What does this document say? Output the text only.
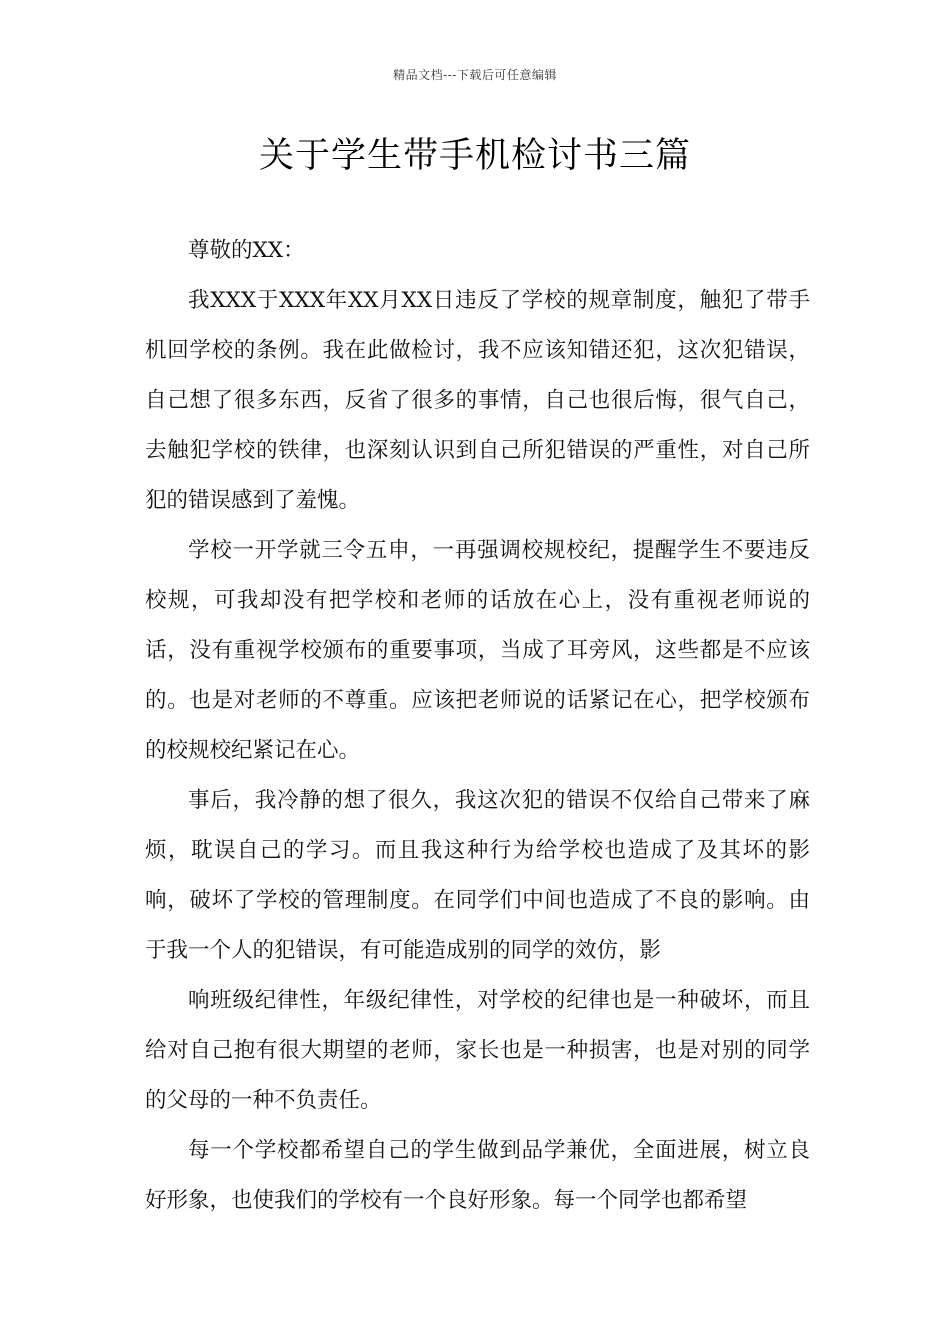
精品文档---下载后可任意编辑
关于学生带手机检讨书三篇

尊敬的XX：

我XXX于XXX年XX月XX日违反了学校的规章制度，触犯了带手机回学校的条例。我在此做检讨，我不应该知错还犯，这次犯错误，自己想了很多东西，反省了很多的事情，自己也很后悔，很气自己，去触犯学校的铁律，也深刻认识到自己所犯错误的严重性，对自己所犯的错误感到了羞愧。

学校一开学就三令五申，一再强调校规校纪，提醒学生不要违反校规，可我却没有把学校和老师的话放在心上，没有重视老师说的话，没有重视学校颁布的重要事项，当成了耳旁风，这些都是不应该的。也是对老师的不尊重。应该把老师说的话紧记在心，把学校颁布的校规校纪紧记在心。

事后，我冷静的想了很久，我这次犯的错误不仅给自己带来了麻烦，耽误自己的学习。而且我这种行为给学校也造成了及其坏的影响，破坏了学校的管理制度。在同学们中间也造成了不良的影响。由于我一个人的犯错误，有可能造成别的同学的效仿，影

响班级纪律性，年级纪律性，对学校的纪律也是一种破坏，而且给对自己抱有很大期望的老师，家长也是一种损害，也是对别的同学的父母的一种不负责任。

每一个学校都希望自己的学生做到品学兼优，全面进展，树立良好形象，也使我们的学校有一个良好形象。每一个同学也都希望
